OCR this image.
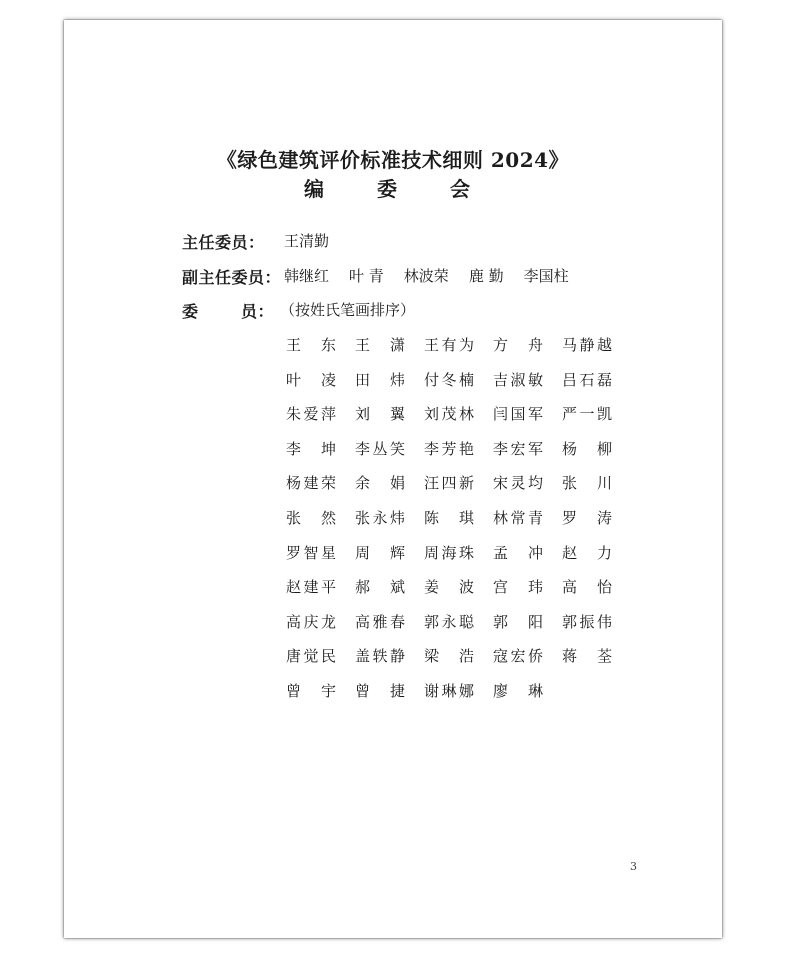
《绿色建筑评价标准技术细则 2024》
编 委 会
主任委员： 王清勤
副主任委员： 韩继红 叶 青 林波荣 鹿 勤 李国柱
委	员： （按姓氏笔画排序）
王 东 王 潇 王 有 为 方 舟 马 静 越
叶 凌 田 炜 付 冬 楠 吉 淑 敏 吕 石 磊
朱 爱 萍 刘 翼 刘 茂 林 闫 国 军 严 一 凯
李 坤 李 丛 笑 李 芳 艳 李 宏 军 杨 柳
杨 建 荣 余 娟 汪 四 新 宋 灵 均 张 川
张 然 张 永 炜 陈 琪 林 常 青 罗 涛
罗 智 星 周 辉 周 海 珠 孟 冲 赵 力
赵 建 平 郝 斌 姜 波 宫 玮 高 怡
高 庆 龙 高 雅 春 郭 永 聪 郭 阳 郭 振 伟
唐 觉 民 盖 轶 静 梁 浩 寇 宏 侨 蒋 荃
曾 宇 曾 捷 谢 琳 娜 廖 琳
3
